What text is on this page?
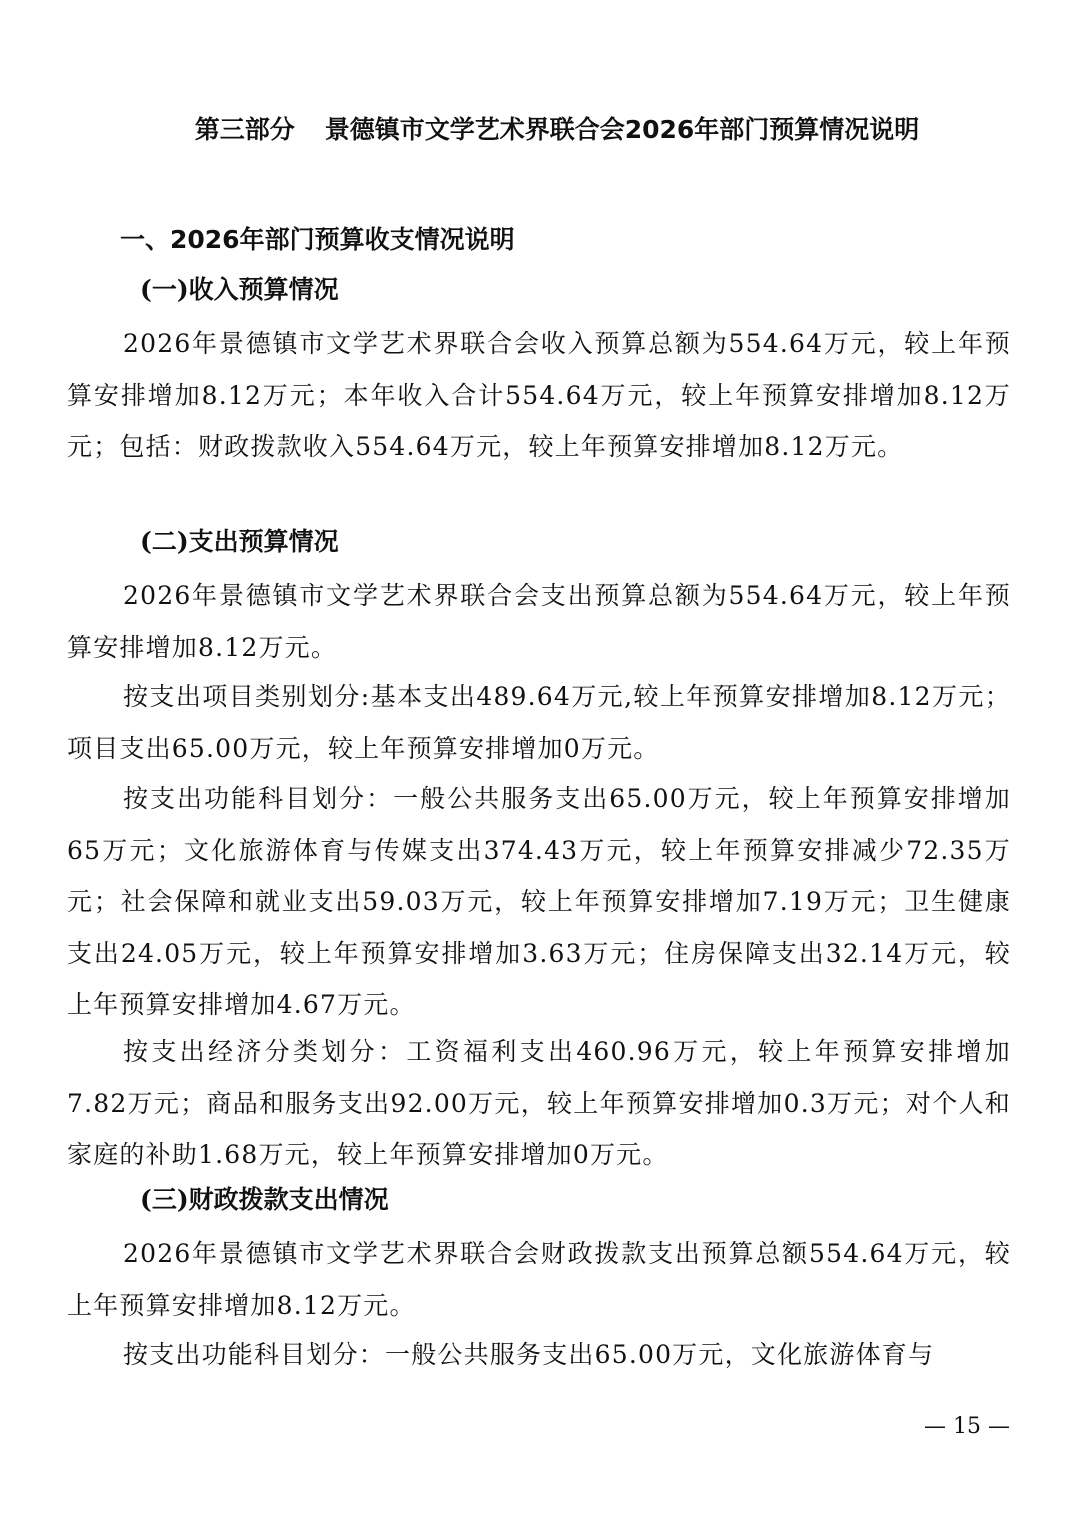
第三部分 景德镇市文学艺术界联合会2026年部门预算情况说明
一、2026年部门预算收支情况说明
(一)收入预算情况

2026年景德镇市文学艺术界联合会收入预算总额为554.64万元，较上年预算安排增加8.12万元；本年收入合计554.64万元，较上年预算安排增加8.12万元；包括：财政拨款收入554.64万元，较上年预算安排增加8.12万元。

(二)支出预算情况

2026年景德镇市文学艺术界联合会支出预算总额为554.64万元，较上年预算安排增加8.12万元。

按支出项目类别划分:基本支出489.64万元,较上年预算安排增加8.12万元；项目支出65.00万元，较上年预算安排增加0万元。

按支出功能科目划分：一般公共服务支出65.00万元，较上年预算安排增加65万元；文化旅游体育与传媒支出374.43万元，较上年预算安排减少72.35万元；社会保障和就业支出59.03万元，较上年预算安排增加7.19万元；卫生健康支出24.05万元，较上年预算安排增加3.63万元；住房保障支出32.14万元，较上年预算安排增加4.67万元。

按支出经济分类划分：工资福利支出460.96万元，较上年预算安排增加7.82万元；商品和服务支出92.00万元，较上年预算安排增加0.3万元；对个人和家庭的补助1.68万元，较上年预算安排增加0万元。

(三)财政拨款支出情况

2026年景德镇市文学艺术界联合会财政拨款支出预算总额554.64万元，较上年预算安排增加8.12万元。

按支出功能科目划分：一般公共服务支出65.00万元，文化旅游体育与

— 15 —
